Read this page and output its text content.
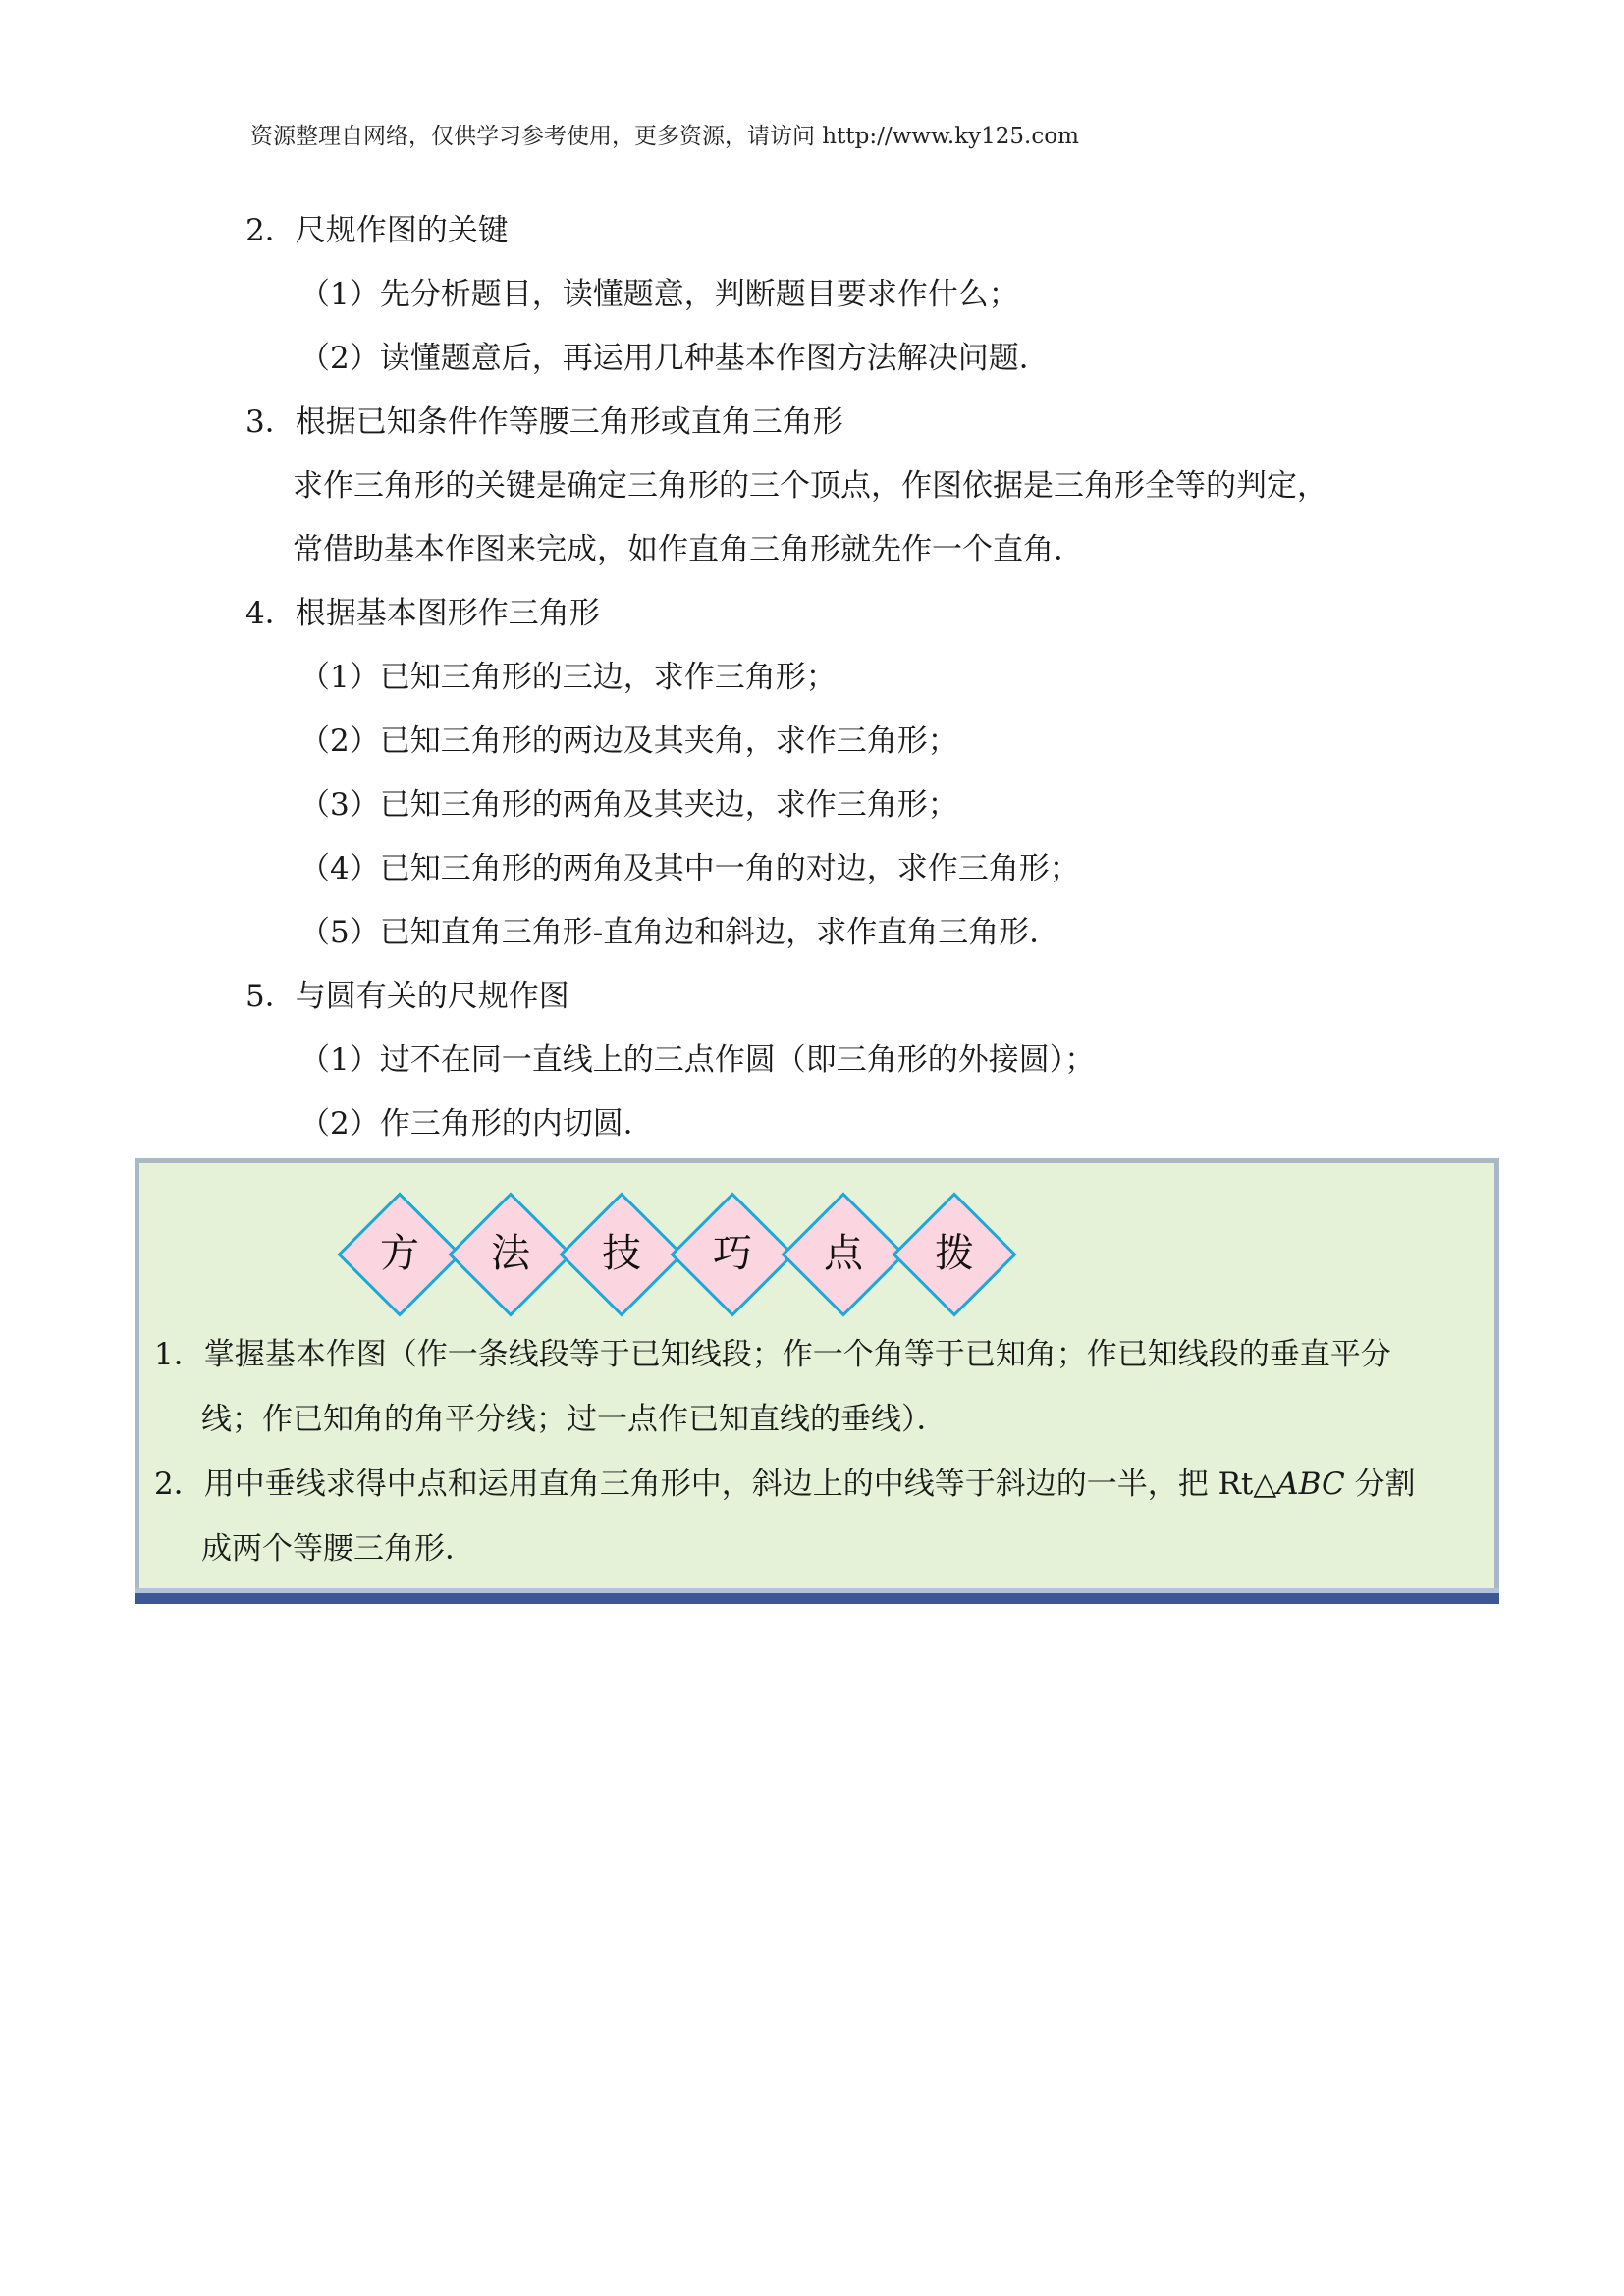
资源整理自网络，仅供学习参考使用，更多资源，请访问 http://www.ky125.com
2．尺规作图的关键
（1）先分析题目，读懂题意，判断题目要求作什么；
（2）读懂题意后，再运用几种基本作图方法解决问题．
3．根据已知条件作等腰三角形或直角三角形
求作三角形的关键是确定三角形的三个顶点，作图依据是三角形全等的判定，
常借助基本作图来完成，如作直角三角形就先作一个直角．
4．根据基本图形作三角形
（1）已知三角形的三边，求作三角形；
（2）已知三角形的两边及其夹角，求作三角形；
（3）已知三角形的两角及其夹边，求作三角形；
（4）已知三角形的两角及其中一角的对边，求作三角形；
（5）已知直角三角形-直角边和斜边，求作直角三角形．
5．与圆有关的尺规作图
（1）过不在同一直线上的三点作圆（即三角形的外接圆）；
（2）作三角形的内切圆．
方	法	技	巧	点	拨
1．掌握基本作图（作一条线段等于已知线段；作一个角等于已知角；作已知线段的垂直平分
线；作已知角的角平分线；过一点作已知直线的垂线）．
2．用中垂线求得中点和运用直角三角形中，斜边上的中线等于斜边的一半，把 Rt△ABC 分割
成两个等腰三角形．
